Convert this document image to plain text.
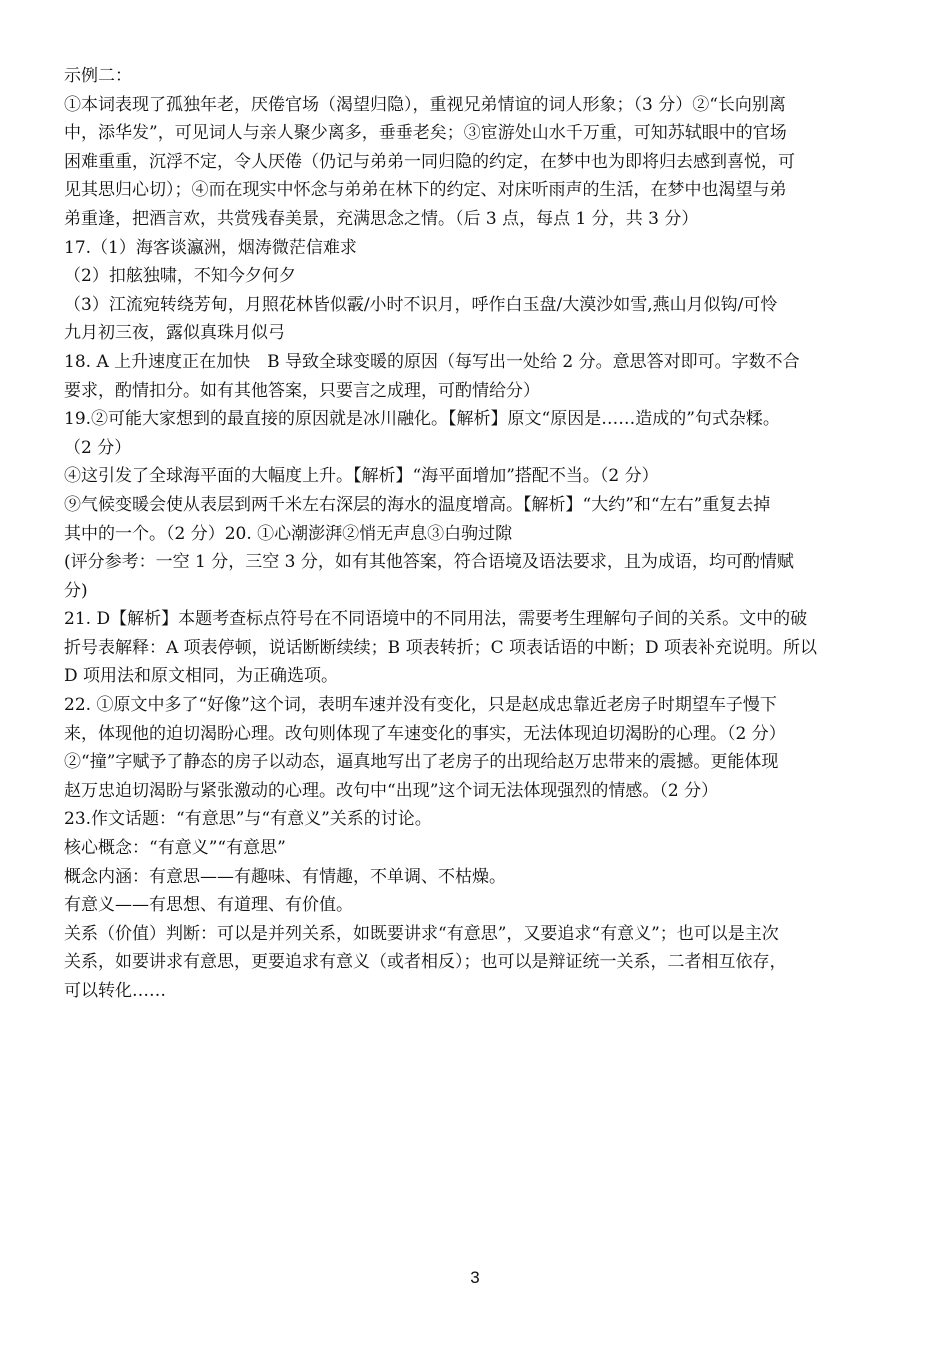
示例二：
①本词表现了孤独年老，厌倦官场（渴望归隐），重视兄弟情谊的词人形象；（3 分）②“长向别离
中，添华发”，可见词人与亲人聚少离多，垂垂老矣；③宦游处山水千万重，可知苏轼眼中的官场
困难重重，沉浮不定，令人厌倦（仍记与弟弟一同归隐的约定，在梦中也为即将归去感到喜悦，可
见其思归心切）；④而在现实中怀念与弟弟在林下的约定、对床听雨声的生活，在梦中也渴望与弟
弟重逢，把酒言欢，共赏残春美景，充满思念之情。（后 3 点，每点 1 分，共 3 分）
17.（1）海客谈瀛洲，烟涛微茫信难求
（2）扣舷独啸，不知今夕何夕
（3）江流宛转绕芳甸，月照花林皆似霰/小时不识月，呼作白玉盘/大漠沙如雪,燕山月似钩/可怜
九月初三夜，露似真珠月似弓
18. A 上升速度正在加快　B 导致全球变暖的原因（每写出一处给 2 分。意思答对即可。字数不合
要求，酌情扣分。如有其他答案，只要言之成理，可酌情给分）
19.②可能大家想到的最直接的原因就是冰川融化。【解析】原文“原因是……造成的”句式杂糅。
（2 分）
④这引发了全球海平面的大幅度上升。【解析】“海平面增加”搭配不当。（2 分）
⑨气候变暖会使从表层到两千米左右深层的海水的温度增高。【解析】“大约”和“左右”重复去掉
其中的一个。（2 分）20. ①心潮澎湃②悄无声息③白驹过隙
(评分参考：一空 1 分，三空 3 分，如有其他答案，符合语境及语法要求，且为成语，均可酌情赋
分)
21. D【解析】本题考查标点符号在不同语境中的不同用法，需要考生理解句子间的关系。文中的破
折号表解释：A 项表停顿，说话断断续续；B 项表转折；C 项表话语的中断；D 项表补充说明。所以
D 项用法和原文相同，为正确选项。
22. ①原文中多了“好像”这个词，表明车速并没有变化，只是赵成忠靠近老房子时期望车子慢下
来，体现他的迫切渴盼心理。改句则体现了车速变化的事实，无法体现迫切渴盼的心理。（2 分）
②“撞”字赋予了静态的房子以动态，逼真地写出了老房子的出现给赵万忠带来的震撼。更能体现
赵万忠迫切渴盼与紧张激动的心理。改句中“出现”这个词无法体现强烈的情感。（2 分）
23.作文话题：“有意思”与“有意义”关系的讨论。
核心概念：“有意义”“有意思”
概念内涵：有意思——有趣味、有情趣，不单调、不枯燥。
有意义——有思想、有道理、有价值。
关系（价值）判断：可以是并列关系，如既要讲求“有意思”，又要追求“有意义”；也可以是主次
关系，如要讲求有意思，更要追求有意义（或者相反）；也可以是辩证统一关系，二者相互依存，
可以转化……
3
